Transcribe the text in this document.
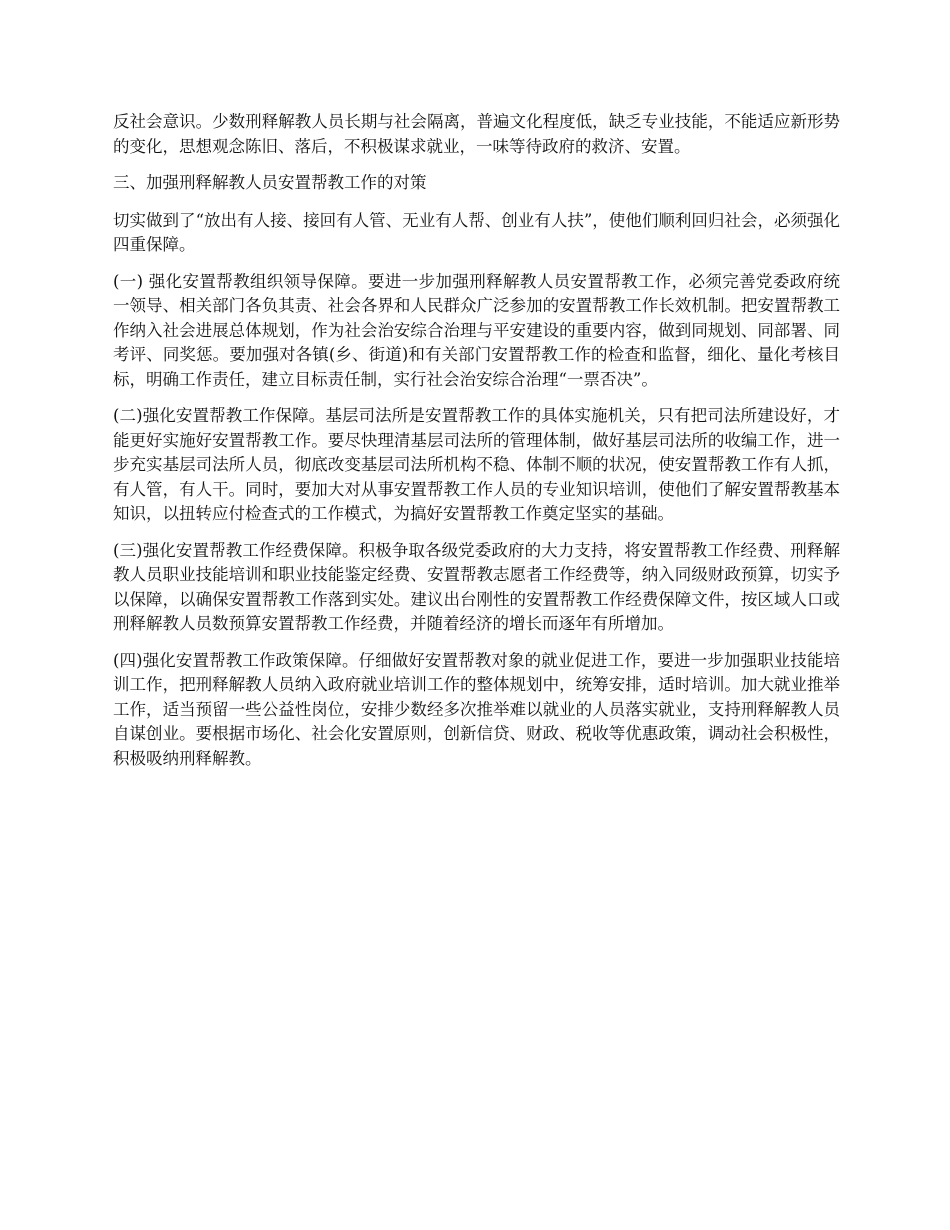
反社会意识。少数刑释解教人员长期与社会隔离，普遍文化程度低，缺乏专业技能，不能适应新形势的变化，思想观念陈旧、落后，不积极谋求就业，一味等待政府的救济、安置。

三、加强刑释解教人员安置帮教工作的对策

切实做到了“放出有人接、接回有人管、无业有人帮、创业有人扶”，使他们顺利回归社会，必须强化四重保障。

(一) 强化安置帮教组织领导保障。要进一步加强刑释解教人员安置帮教工作，必须完善党委政府统一领导、相关部门各负其责、社会各界和人民群众广泛参加的安置帮教工作长效机制。把安置帮教工作纳入社会进展总体规划，作为社会治安综合治理与平安建设的重要内容，做到同规划、同部署、同考评、同奖惩。要加强对各镇(乡、街道)和有关部门安置帮教工作的检查和监督，细化、量化考核目标，明确工作责任，建立目标责任制，实行社会治安综合治理“一票否决”。

(二)强化安置帮教工作保障。基层司法所是安置帮教工作的具体实施机关，只有把司法所建设好，才能更好实施好安置帮教工作。要尽快理清基层司法所的管理体制，做好基层司法所的收编工作，进一步充实基层司法所人员，彻底改变基层司法所机构不稳、体制不顺的状况，使安置帮教工作有人抓，有人管，有人干。同时，要加大对从事安置帮教工作人员的专业知识培训，使他们了解安置帮教基本知识，以扭转应付检查式的工作模式，为搞好安置帮教工作奠定坚实的基础。

(三)强化安置帮教工作经费保障。积极争取各级党委政府的大力支持，将安置帮教工作经费、刑释解教人员职业技能培训和职业技能鉴定经费、安置帮教志愿者工作经费等，纳入同级财政预算，切实予以保障，以确保安置帮教工作落到实处。建议出台刚性的安置帮教工作经费保障文件，按区域人口或刑释解教人员数预算安置帮教工作经费，并随着经济的增长而逐年有所增加。

(四)强化安置帮教工作政策保障。仔细做好安置帮教对象的就业促进工作，要进一步加强职业技能培训工作，把刑释解教人员纳入政府就业培训工作的整体规划中，统筹安排，适时培训。加大就业推举工作，适当预留一些公益性岗位，安排少数经多次推举难以就业的人员落实就业，支持刑释解教人员自谋创业。要根据市场化、社会化安置原则，创新信贷、财政、税收等优惠政策，调动社会积极性，积极吸纳刑释解教。
